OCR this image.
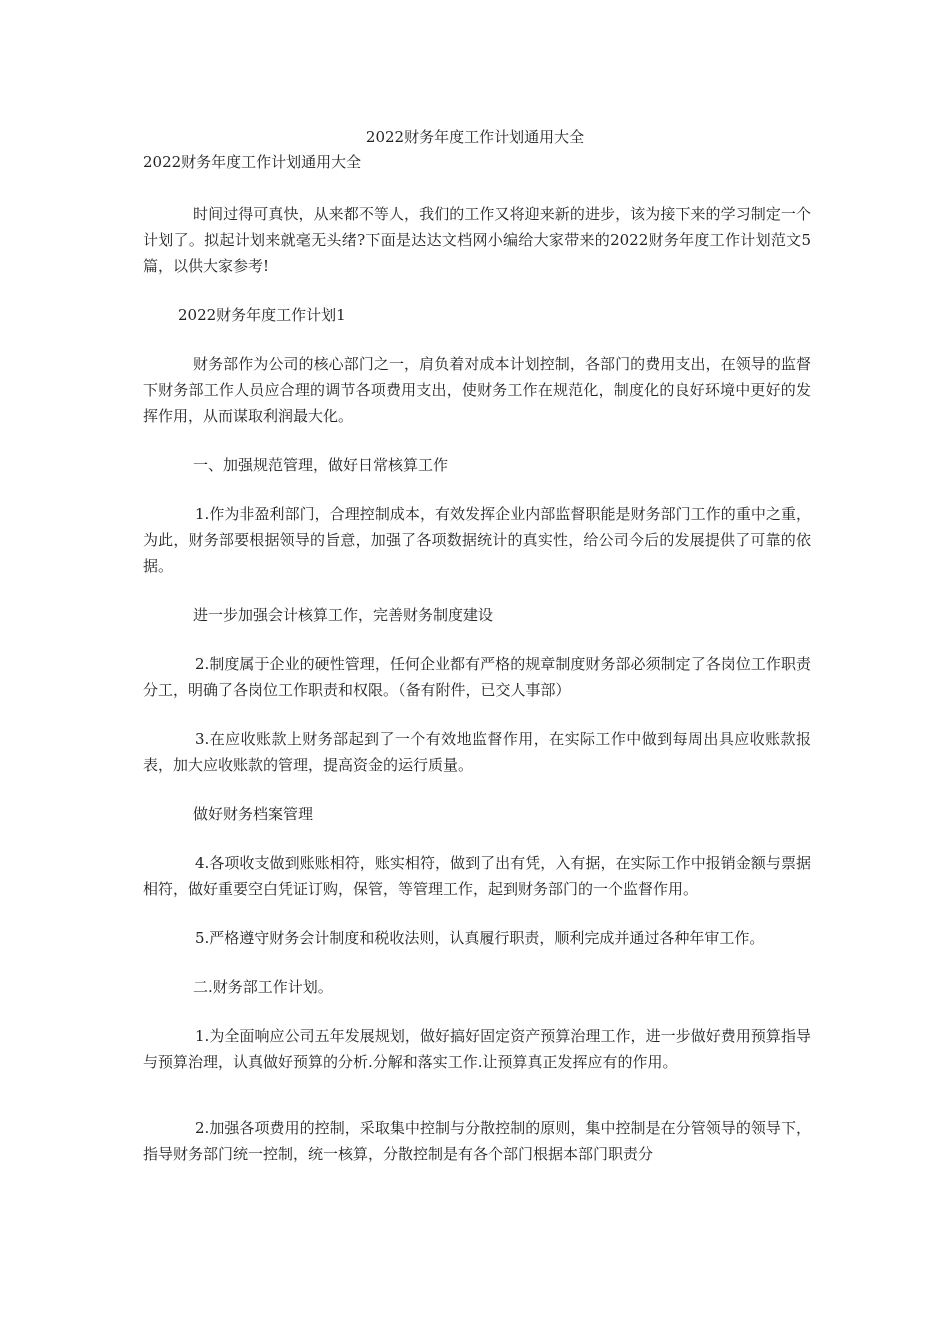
2022财务年度工作计划通用大全

2022财务年度工作计划通用大全

时间过得可真快，从来都不等人，我们的工作又将迎来新的进步，该为接下来的学习制定一个计划了。拟起计划来就毫无头绪?下面是达达文档网小编给大家带来的2022财务年度工作计划范文5篇，以供大家参考!

2022财务年度工作计划1

财务部作为公司的核心部门之一，肩负着对成本计划控制，各部门的费用支出，在领导的监督下财务部工作人员应合理的调节各项费用支出，使财务工作在规范化，制度化的良好环境中更好的发挥作用，从而谋取利润最大化。

一、加强规范管理，做好日常核算工作

1.作为非盈利部门，合理控制成本，有效发挥企业内部监督职能是财务部门工作的重中之重，为此，财务部要根据领导的旨意，加强了各项数据统计的真实性，给公司今后的发展提供了可靠的依据。

进一步加强会计核算工作，完善财务制度建设

2.制度属于企业的硬性管理，任何企业都有严格的规章制度财务部必须制定了各岗位工作职责分工，明确了各岗位工作职责和权限。（备有附件，已交人事部）

3.在应收账款上财务部起到了一个有效地监督作用，在实际工作中做到每周出具应收账款报表，加大应收账款的管理，提高资金的运行质量。

做好财务档案管理

4.各项收支做到账账相符，账实相符，做到了出有凭，入有据，在实际工作中报销金额与票据相符，做好重要空白凭证订购，保管，等管理工作，起到财务部门的一个监督作用。

5.严格遵守财务会计制度和税收法则，认真履行职责，顺利完成并通过各种年审工作。

二.财务部工作计划。

1.为全面响应公司五年发展规划，做好搞好固定资产预算治理工作，进一步做好费用预算指导与预算治理，认真做好预算的分析.分解和落实工作.让预算真正发挥应有的作用。

2.加强各项费用的控制，采取集中控制与分散控制的原则，集中控制是在分管领导的领导下，指导财务部门统一控制，统一核算，分散控制是有各个部门根据本部门职责分
